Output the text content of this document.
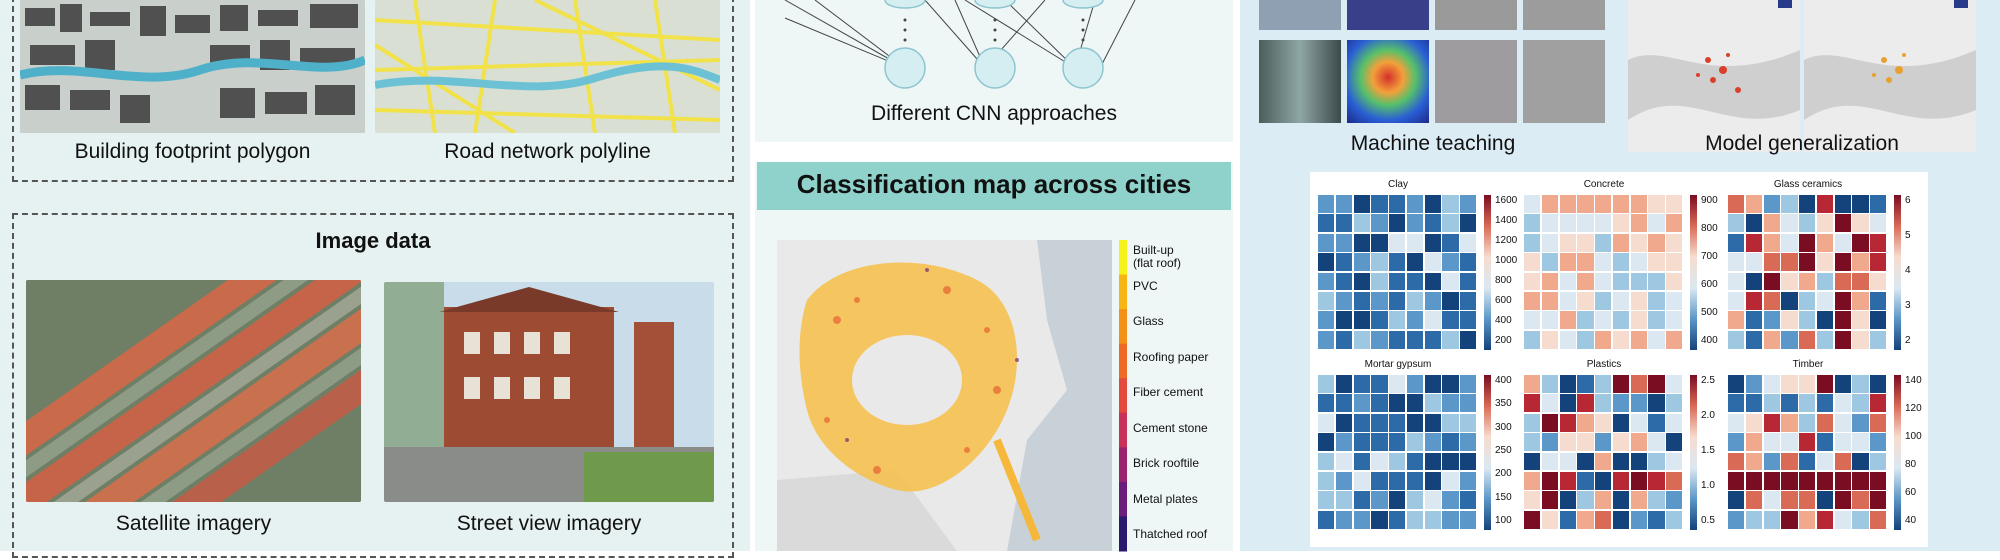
Building footprint polygon	Road network polyline
Image data
Satellite imagery	Street view imagery
Different CNN approaches
Classification map across cities
Built-up
(flat roof)
PVC
Glass
Roofing paper
Fiber cement
Cement stone
Brick rooftile
Metal plates
Thatched roof
Machine teaching	Model generalization
Clay
1600
1400
1200
1000
800
600
400
200
Concrete
900
800
700
600
500
400
Glass ceramics
6
5
4
3
2
Mortar gypsum
400
350
300
250
200
150
100
Plastics
2.5
2.0
1.5
1.0
0.5
Timber
140
120
100
80
60
40
